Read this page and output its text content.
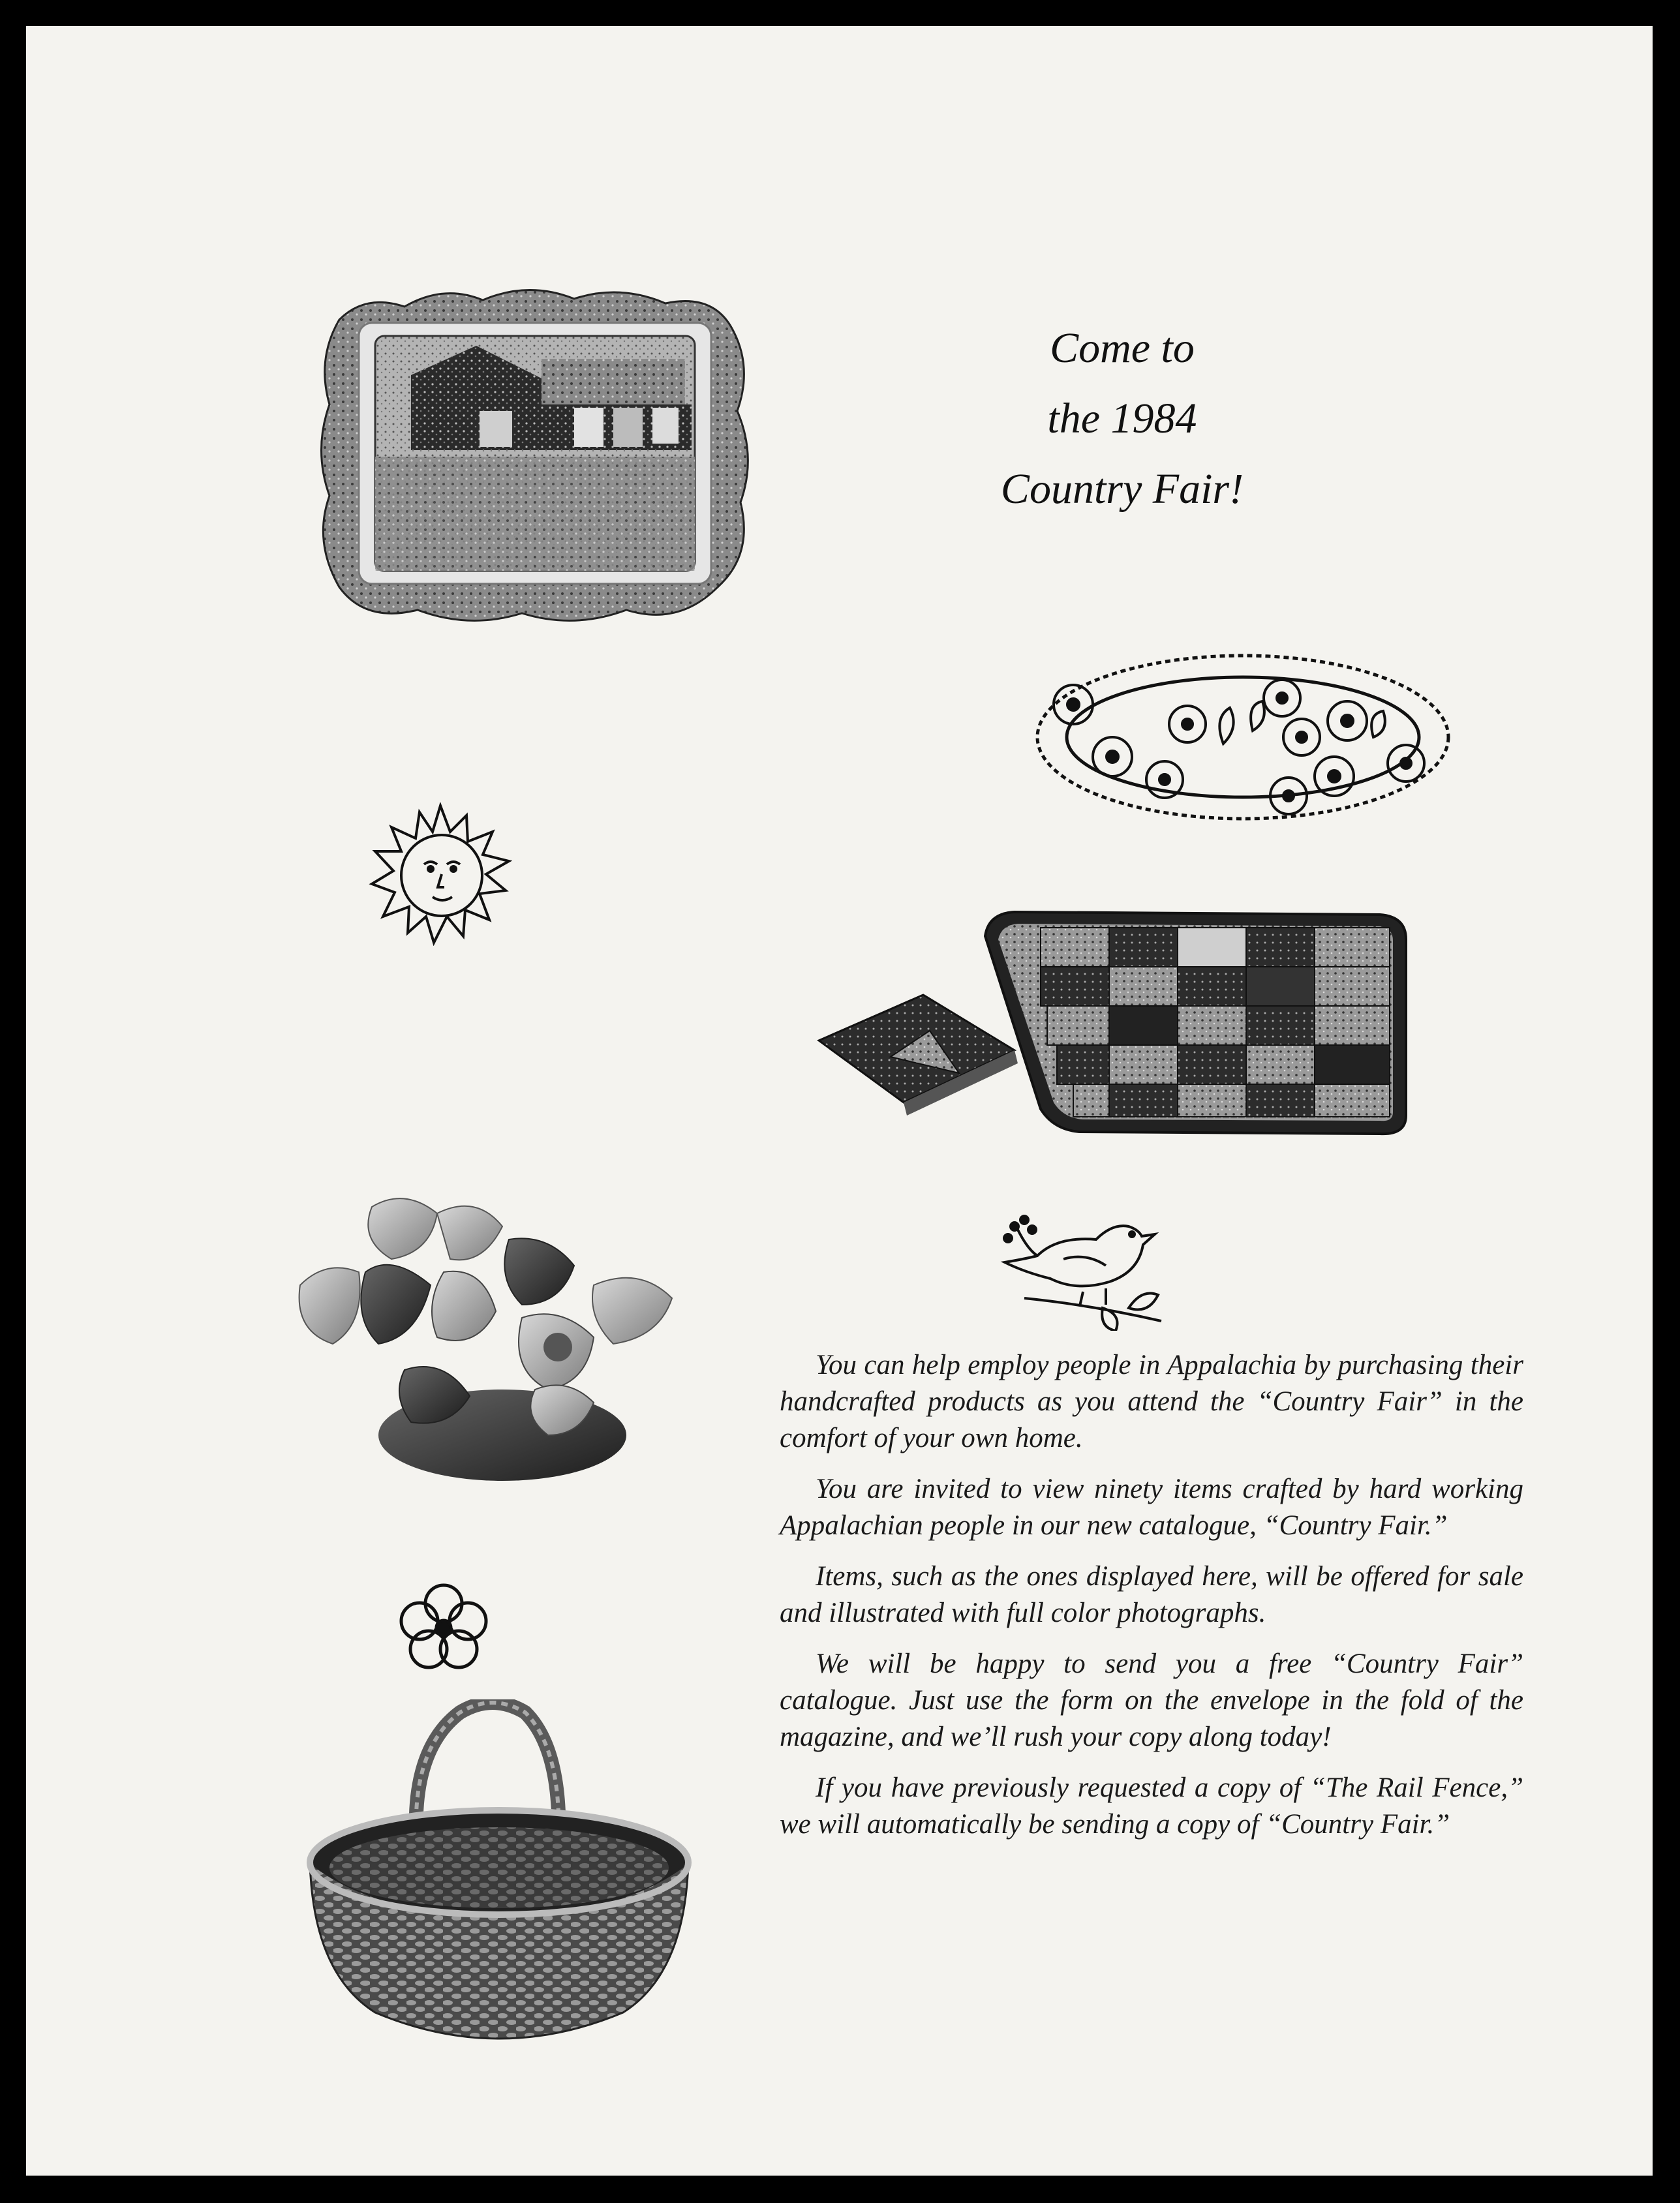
Come to
the 1984
Country Fair!

You can help employ people in Appalachia by purchasing their handcrafted products as you attend the “Country Fair” in the comfort of your own home.

You are invited to view ninety items crafted by hard working Appalachian people in our new catalogue, “Country Fair.”

Items, such as the ones displayed here, will be offered for sale and illustrated with full color photographs.

We will be happy to send you a free “Country Fair” catalogue. Just use the form on the envelope in the fold of the magazine, and we’ll rush your copy along today!

If you have previously requested a copy of “The Rail Fence,” we will automatically be sending a copy of “Country Fair.”
